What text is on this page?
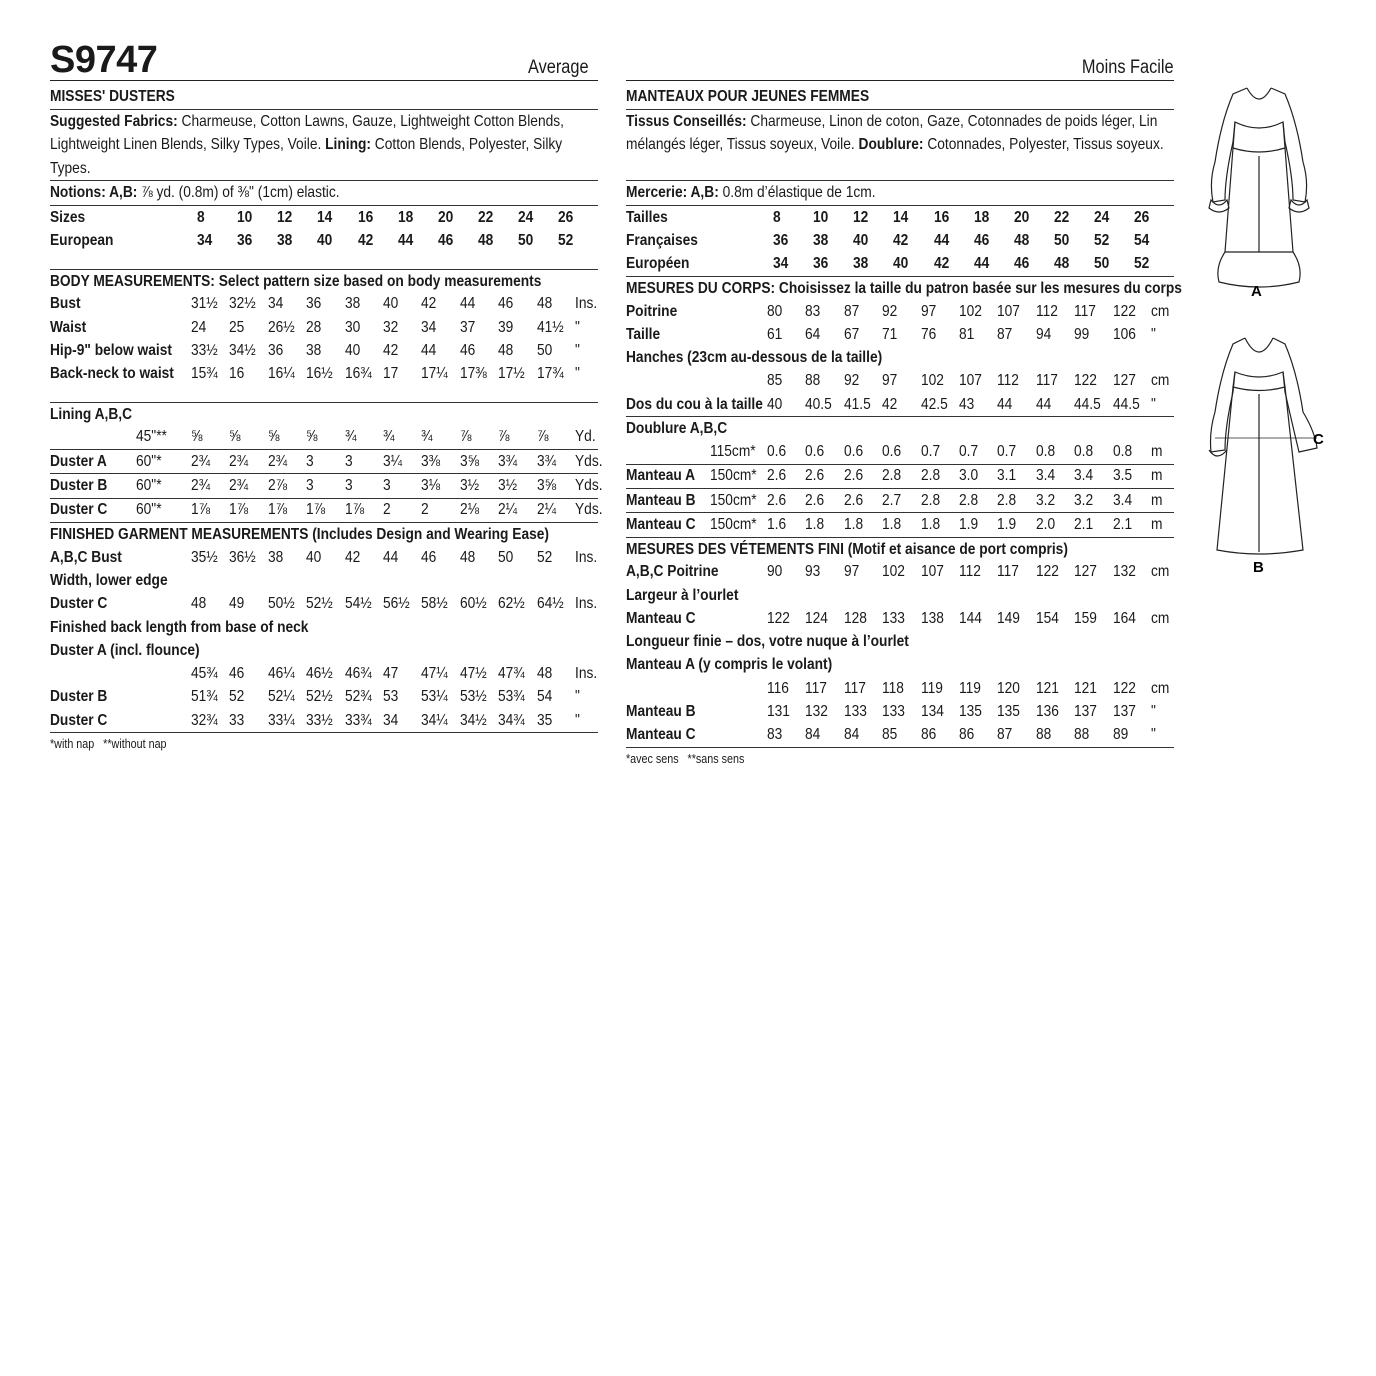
S9747	Average
MISSES' DUSTERS
Suggested Fabrics: Charmeuse, Cotton Lawns, Gauze, Lightweight Cotton Blends, Lightweight Linen Blends, Silky Types, Voile. Lining: Cotton Blends, Polyester, Silky Types.
Notions: A,B: ⅞ yd. (0.8m) of ⅜" (1cm) elastic.
Sizes	8	10	12	14	16	18	20	22	24	26
European	34	36	38	40	42	44	46	48	50	52
BODY MEASUREMENTS: Select pattern size based on body measurements
Bust	31½	32½	34	36	38	40	42	44	46	48	Ins.
Waist	24	25	26½	28	30	32	34	37	39	41½	"
Hip-9" below waist	33½	34½	36	38	40	42	44	46	48	50	"
Back-neck to waist	15¾	16	16¼	16½	16¾	17	17¼	17⅜	17½	17¾	"
Lining A,B,C
	45"**	⅝	⅝	⅝	⅝	¾	¾	¾	⅞	⅞	⅞	Yd.
Duster A	60"*	2¾	2¾	2¾	3	3	3¼	3⅜	3⅝	3¾	3¾	Yds.
Duster B	60"*	2¾	2¾	2⅞	3	3	3	3⅛	3½	3½	3⅝	Yds.
Duster C	60"*	1⅞	1⅞	1⅞	1⅞	1⅞	2	2	2⅛	2¼	2¼	Yds.
FINISHED GARMENT MEASUREMENTS (Includes Design and Wearing Ease)
A,B,C Bust	35½	36½	38	40	42	44	46	48	50	52	Ins.
Width, lower edge											
Duster C	48	49	50½	52½	54½	56½	58½	60½	62½	64½	Ins.
Finished back length from base of neck											
Duster A (incl. flounce)											
	45¾	46	46¼	46½	46¾	47	47¼	47½	47¾	48	Ins.
Duster B	51¾	52	52¼	52½	52¾	53	53¼	53½	53¾	54	"
Duster C	32¾	33	33¼	33½	33¾	34	34¼	34½	34¾	35	"
*with nap   **without nap
Moins Facile
MANTEAUX POUR JEUNES FEMMES
Tissus Conseillés: Charmeuse, Linon de coton, Gaze, Cotonnades de poids léger, Lin mélangés léger, Tissus soyeux, Voile. Doublure: Cotonnades, Polyester, Tissus soyeux.
Mercerie: A,B: 0.8m d’élastique de 1cm.
Tailles	8	10	12	14	16	18	20	22	24	26
Françaises	36	38	40	42	44	46	48	50	52	54
Européen	34	36	38	40	42	44	46	48	50	52
MESURES DU CORPS: Choisissez la taille du patron basée sur les mesures du corps
Poitrine	80	83	87	92	97	102	107	112	117	122	cm
Taille	61	64	67	71	76	81	87	94	99	106	"
Hanches (23cm au-dessous de la taille)											
	85	88	92	97	102	107	112	117	122	127	cm
Dos du cou à la taille	40	40.5	41.5	42	42.5	43	44	44	44.5	44.5	"
Doublure A,B,C
	115cm*	0.6	0.6	0.6	0.6	0.7	0.7	0.7	0.8	0.8	0.8	m
Manteau A	150cm*	2.6	2.6	2.6	2.8	2.8	3.0	3.1	3.4	3.4	3.5	m
Manteau B	150cm*	2.6	2.6	2.6	2.7	2.8	2.8	2.8	3.2	3.2	3.4	m
Manteau C	150cm*	1.6	1.8	1.8	1.8	1.8	1.9	1.9	2.0	2.1	2.1	m
MESURES DES VÉTEMENTS FINI (Motif et aisance de port compris)
A,B,C Poitrine	90	93	97	102	107	112	117	122	127	132	cm
Largeur à l’ourlet											
Manteau C	122	124	128	133	138	144	149	154	159	164	cm
Longueur finie – dos, votre nuque à l’ourlet											
Manteau A (y compris le volant)											
	116	117	117	118	119	119	120	121	121	122	cm
Manteau B	131	132	133	133	134	135	135	136	137	137	"
Manteau C	83	84	84	85	86	86	87	88	88	89	"
*avec sens   **sans sens
A
C
B
